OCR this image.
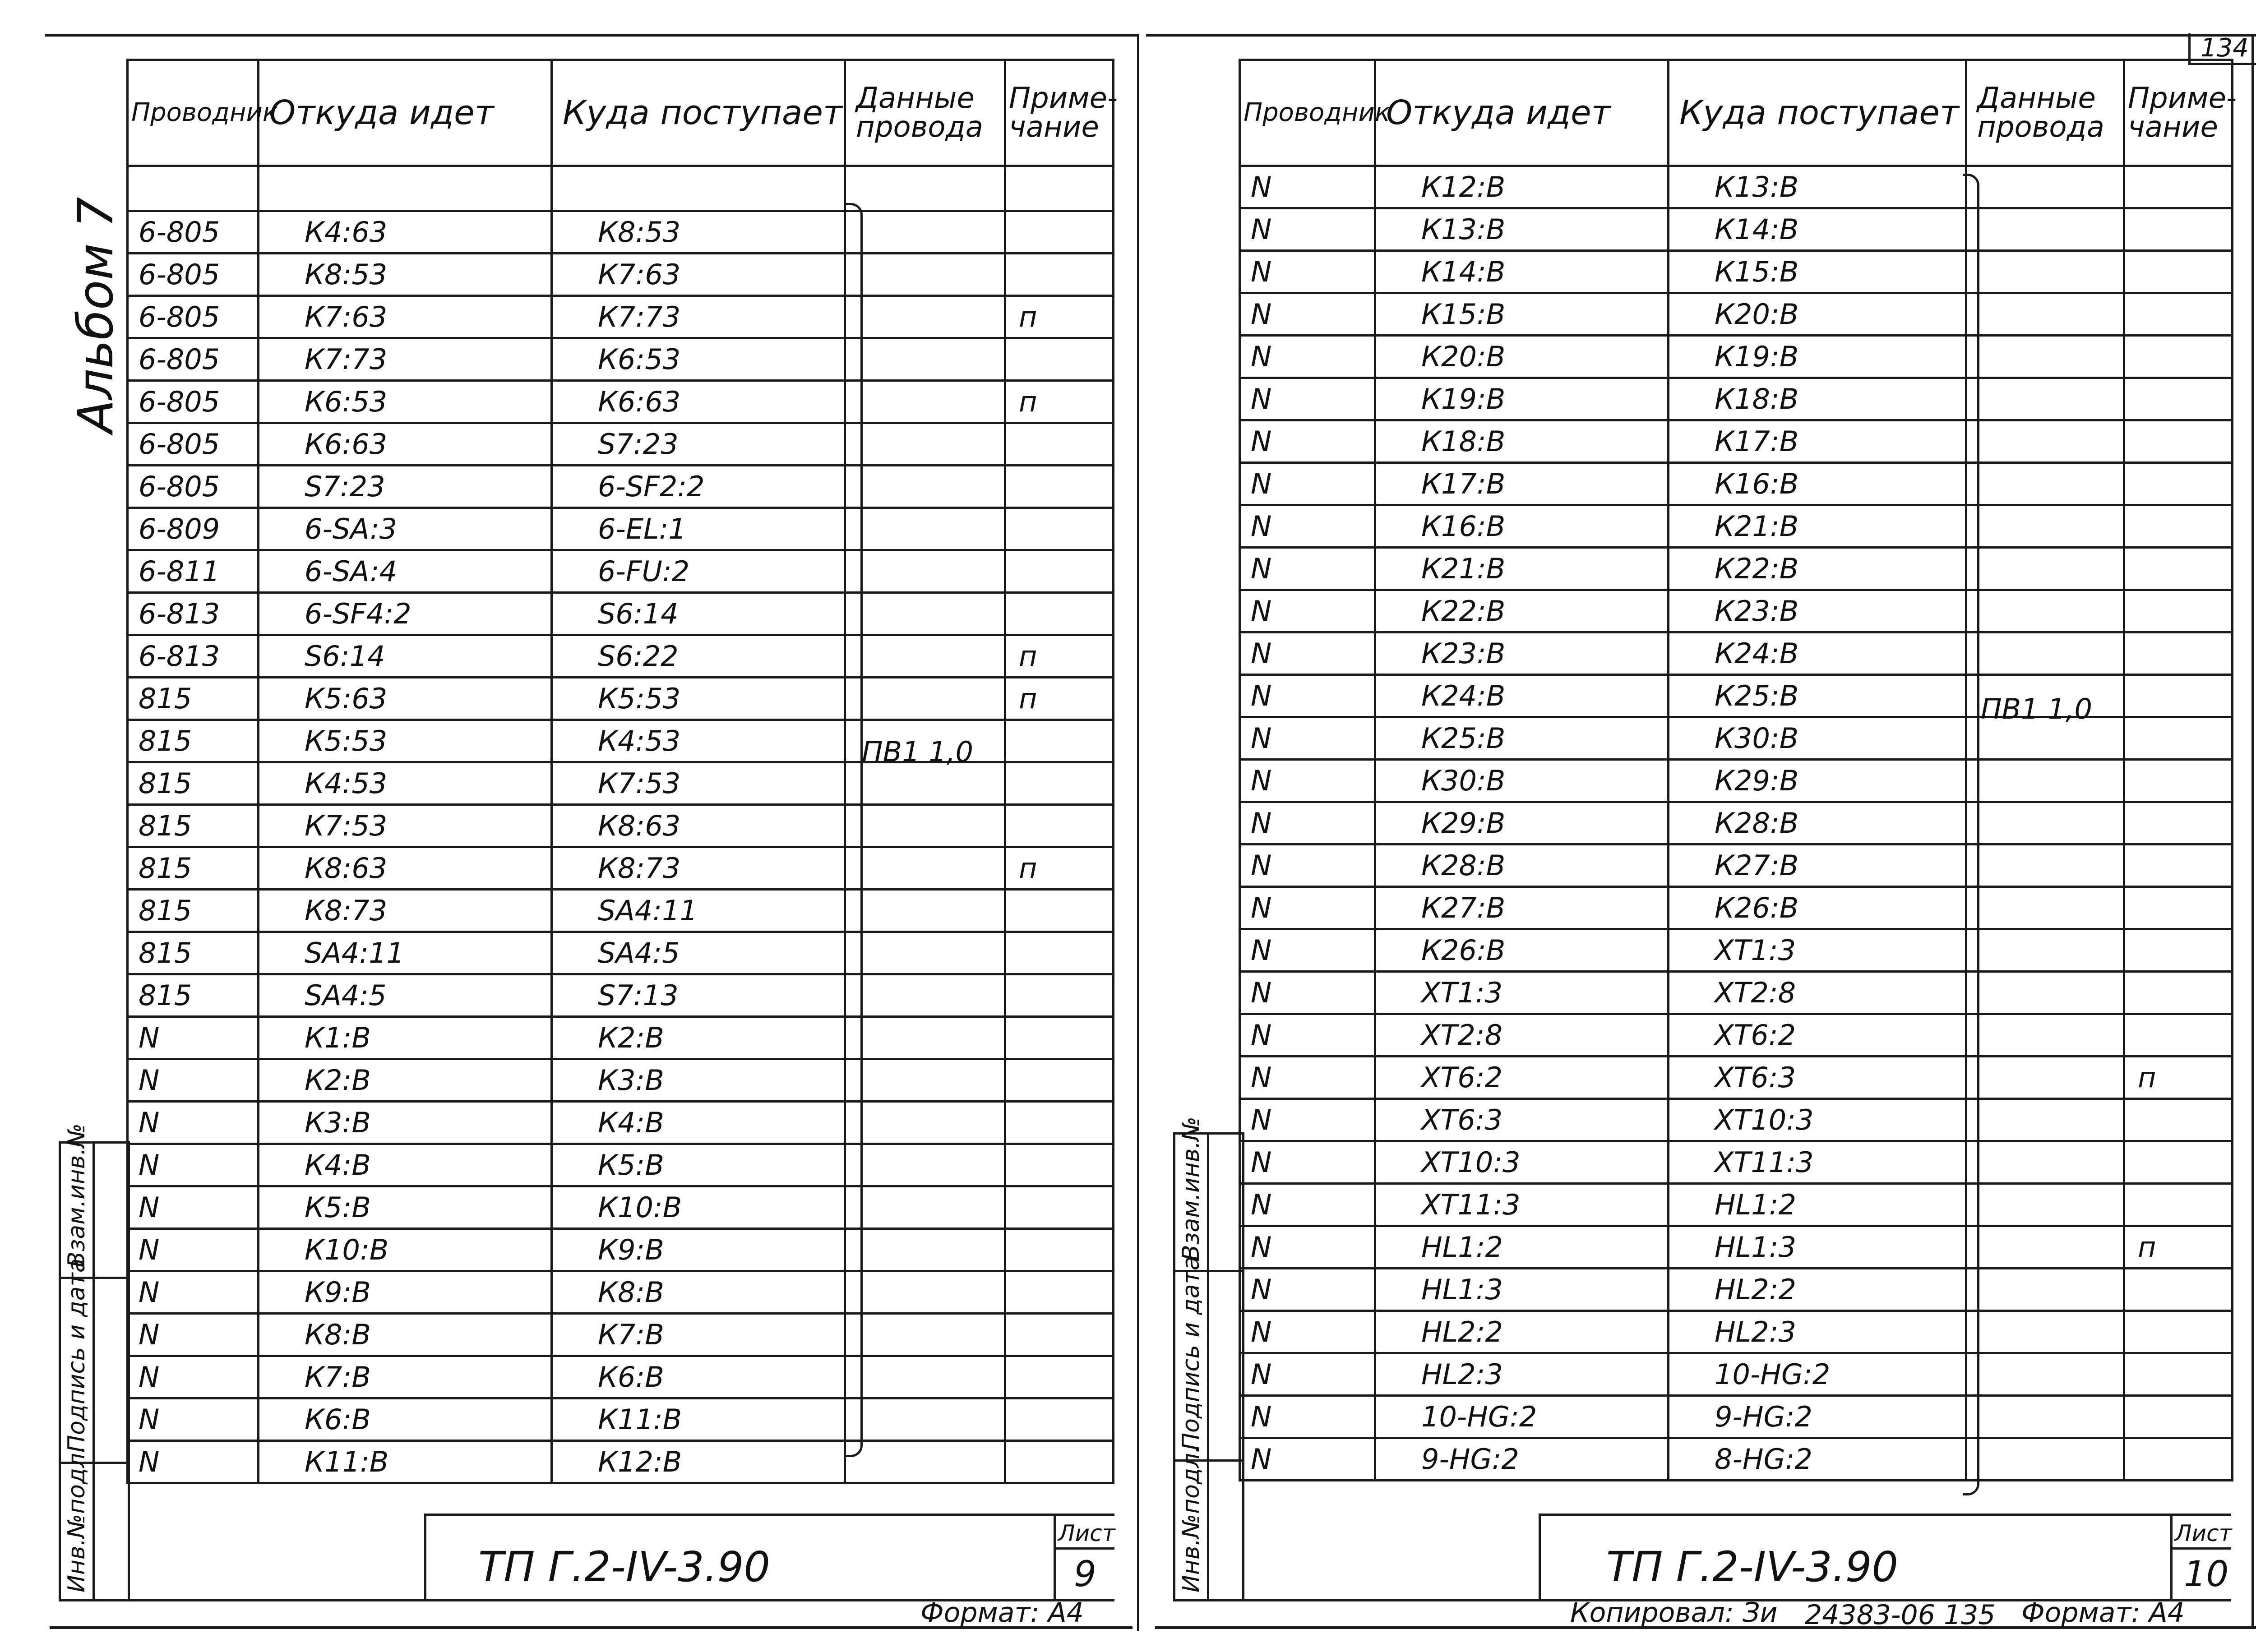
134
Альбом 7
Проводник	Откуда идет	Куда поступает	Данные провода	Приме- чание

6-805	К4:63	К8:53		
6-805	К8:53	К7:63		
6-805	К7:63	К7:73		п
6-805	К7:73	К6:53		
6-805	К6:53	К6:63		п
6-805	К6:63	S7:23		
6-805	S7:23	6-SF2:2		
6-809	6-SA:3	6-EL:1		
6-811	6-SA:4	6-FU:2		
6-813	6-SF4:2	S6:14		
6-813	S6:14	S6:22		п
815	К5:63	К5:53		п
815	К5:53	К4:53		
815	К4:53	К7:53		
815	К7:53	К8:63		
815	К8:63	К8:73		п
815	К8:73	SA4:11		
815	SA4:11	SA4:5		
815	SA4:5	S7:13		
N	К1:В	К2:В		
N	К2:В	К3:В		
N	К3:В	К4:В		
N	К4:В	К5:В		
N	К5:В	К10:В		
N	К10:В	К9:В		
N	К9:В	К8:В		
N	К8:В	К7:В		
N	К7:В	К6:В		
N	К6:В	К11:В		
N	К11:В	К12:В		
ПВ1 1,0
Взам.инв.№
Подпись и дата
Инв.№подл.	ТП Г.2-IV-3.90
Лист
9
Формат: А4
Проводник	Откуда идет	Куда поступает	Данные провода	Приме- чание
N	К12:В	К13:В		
N	К13:В	К14:В		
N	К14:В	К15:В		
N	К15:В	К20:В		
N	К20:В	К19:В		
N	К19:В	К18:В		
N	К18:В	К17:В		
N	К17:В	К16:В		
N	К16:В	К21:В		
N	К21:В	К22:В		
N	К22:В	К23:В		
N	К23:В	К24:В		
N	К24:В	К25:В		
N	К25:В	К30:В		
N	К30:В	К29:В		
N	К29:В	К28:В		
N	К28:В	К27:В		
N	К27:В	К26:В		
N	К26:В	ХТ1:3		
N	ХТ1:3	ХТ2:8		
N	ХТ2:8	ХТ6:2		
N	ХТ6:2	ХТ6:3		п
N	ХТ6:3	ХТ10:3		
N	ХТ10:3	ХТ11:3		
N	ХТ11:3	HL1:2		
N	HL1:2	HL1:3		п
N	HL1:3	HL2:2		
N	HL2:2	HL2:3		
N	HL2:3	10-HG:2		
N	10-HG:2	9-HG:2		
N	9-HG:2	8-HG:2		
ПВ1 1,0
Взам.инв.№
Подпись и дата
Инв.№подл.	ТП Г.2-IV-3.90
Лист
10
Копировал: Зи 24383-06 135 Формат: А4
